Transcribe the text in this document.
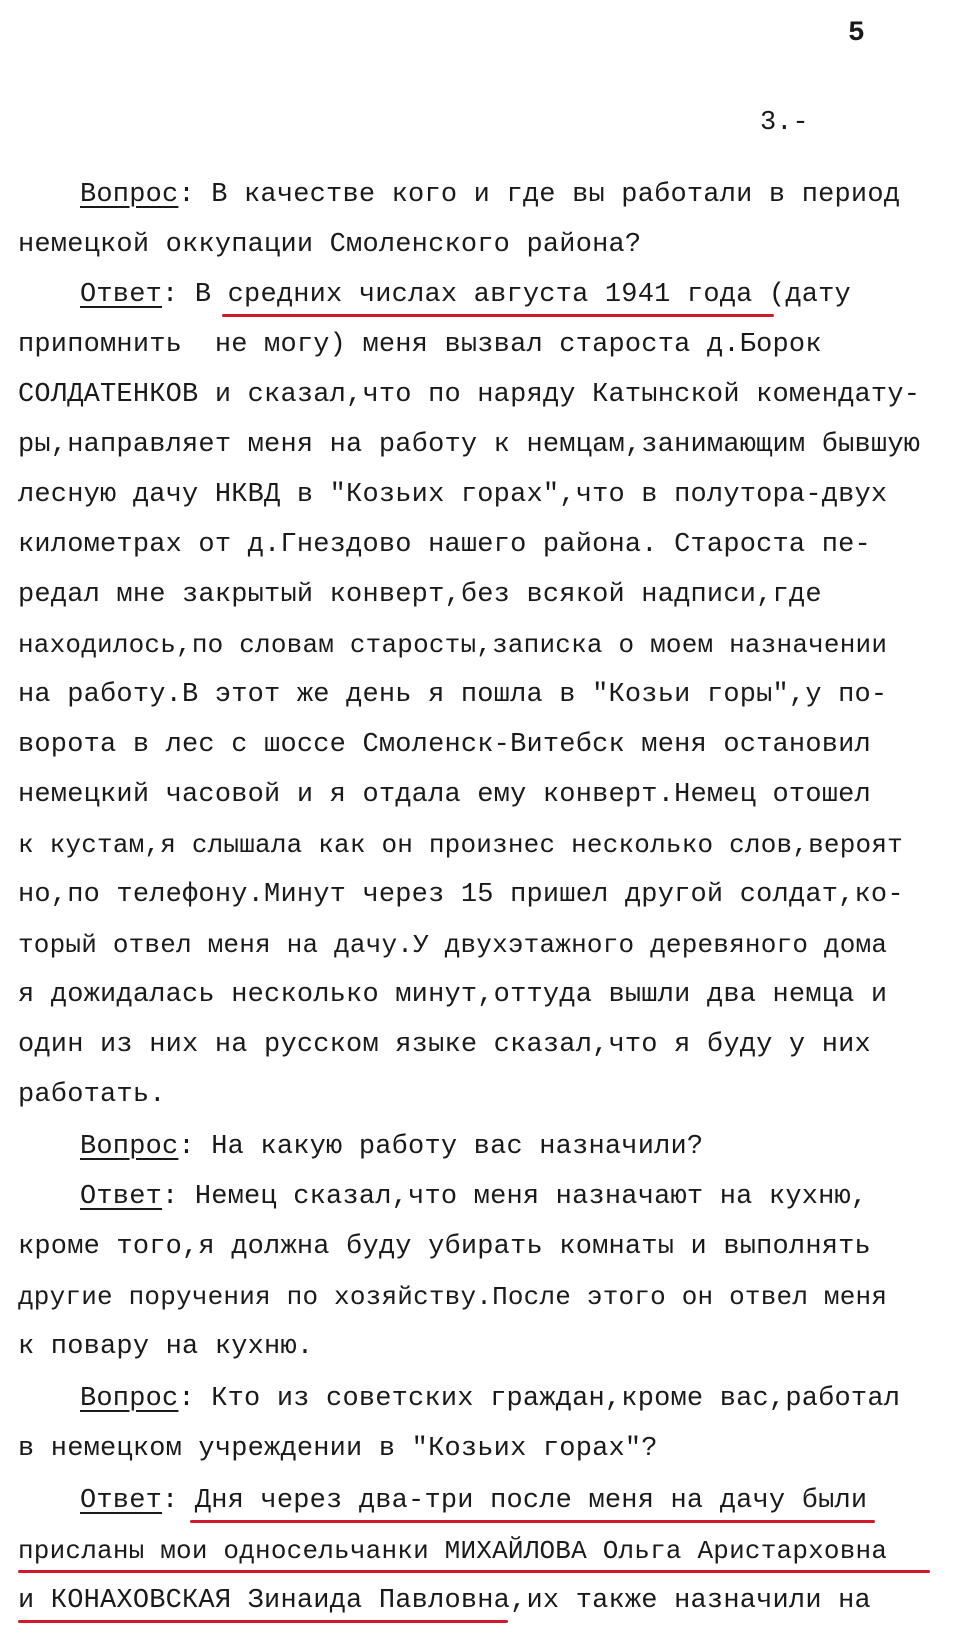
5
3.-
Вопрос: В качестве кого и где вы работали в период
немецкой оккупации Смоленского района?
Ответ: В средних числах августа 1941 года (дату
припомнить  не могу) меня вызвал староста д.Борок
СОЛДАТЕНКОВ и сказал,что по наряду Катынской комендату-
ры,направляет меня на работу к немцам,занимающим бывшую
лесную дачу НКВД в "Козьих горах",что в полутора-двух
километрах от д.Гнездово нашего района. Староста пе-
редал мне закрытый конверт,без всякой надписи,где
находилось,по словам старосты,записка о моем назначении
на работу.В этот же день я пошла в "Козьи горы",у по-
ворота в лес с шоссе Смоленск-Витебск меня остановил
немецкий часовой и я отдала ему конверт.Немец отошел
к кустам,я слышала как он произнес несколько слов,вероят
но,по телефону.Минут через 15 пришел другой солдат,ко-
торый отвел меня на дачу.У двухэтажного деревяного дома
я дожидалась несколько минут,оттуда вышли два немца и
один из них на русском языке сказал,что я буду у них
работать.
Вопрос: На какую работу вас назначили?
Ответ: Немец сказал,что меня назначают на кухню,
кроме того,я должна буду убирать комнаты и выполнять
другие поручения по хозяйству.После этого он отвел меня
к повару на кухню.
Вопрос: Кто из советских граждан,кроме вас,работал
в немецком учреждении в "Козьих горах"?
Ответ: Дня через два-три после меня на дачу были
присланы мои односельчанки МИХАЙЛОВА Ольга Аристарховна
и КОНАХОВСКАЯ Зинаида Павловна,их также назначили на
